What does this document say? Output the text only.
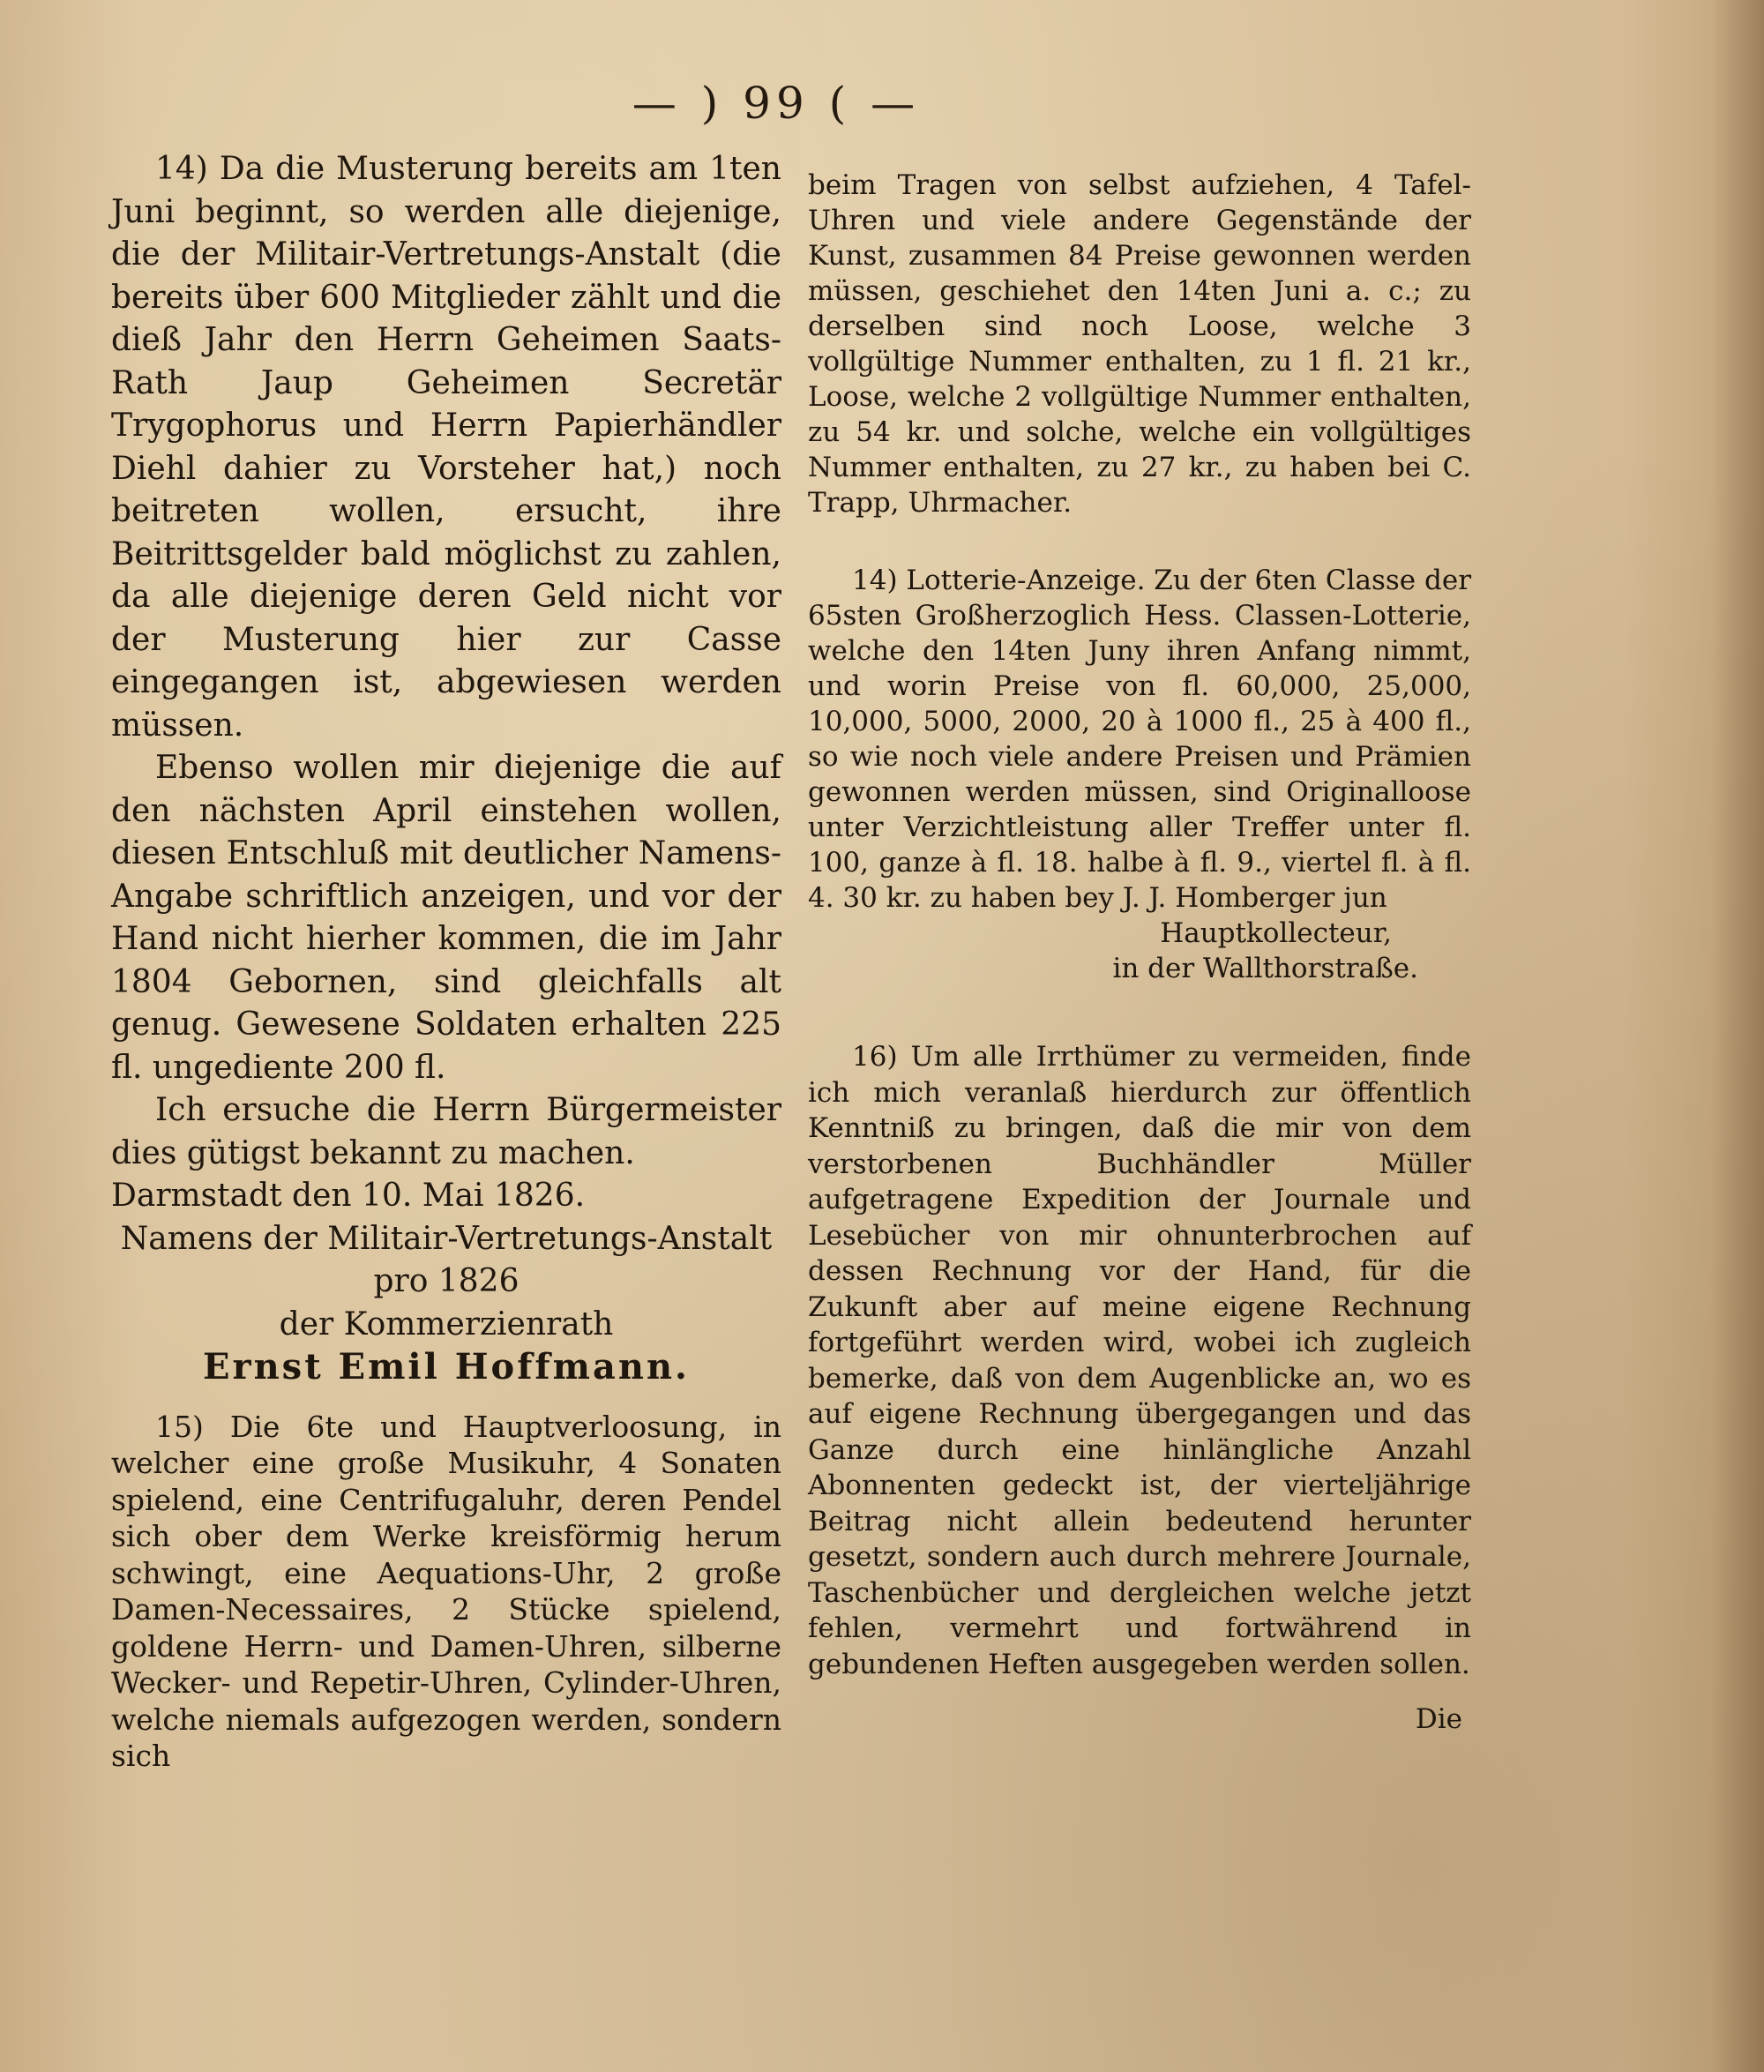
— ) 99 ( —

14) Da die Musterung bereits am 1ten Juni beginnt, so werden alle diejenige, die der Militair-Vertretungs-Anstalt (die bereits über 600 Mitglieder zählt und die dieß Jahr den Herrn Geheimen Saats-Rath Jaup Geheimen Secretär Trygophorus und Herrn Papierhändler Diehl dahier zu Vorsteher hat,) noch beitreten wollen, ersucht, ihre Beitrittsgelder bald möglichst zu zahlen, da alle diejenige deren Geld nicht vor der Musterung hier zur Casse eingegangen ist, abgewiesen werden müssen.

Ebenso wollen mir diejenige die auf den nächsten April einstehen wollen, diesen Entschluß mit deutlicher Namens-Angabe schriftlich anzeigen, und vor der Hand nicht hierher kommen, die im Jahr 1804 Gebornen, sind gleichfalls alt genug. Gewesene Soldaten erhalten 225 fl. ungediente 200 fl.

Ich ersuche die Herrn Bürgermeister dies gütigst bekannt zu machen.

Darmstadt den 10. Mai 1826.

Namens der Militair-Vertretungs-Anstalt pro 1826

der Kommerzienrath

Ernst Emil Hoffmann.

15) Die 6te und Hauptverloosung, in welcher eine große Musikuhr, 4 Sonaten spielend, eine Centrifugaluhr, deren Pendel sich ober dem Werke kreisförmig herum schwingt, eine Aequations-Uhr, 2 große Damen-Necessaires, 2 Stücke spielend, goldene Herrn- und Damen-Uhren, silberne Wecker- und Repetir-Uhren, Cylinder-Uhren, welche niemals aufgezogen werden, sondern sich

beim Tragen von selbst aufziehen, 4 Tafel-Uhren und viele andere Gegenstände der Kunst, zusammen 84 Preise gewonnen werden müssen, geschiehet den 14ten Juni a. c.; zu derselben sind noch Loose, welche 3 vollgültige Nummer enthalten, zu 1 fl. 21 kr., Loose, welche 2 vollgültige Nummer enthalten, zu 54 kr. und solche, welche ein vollgültiges Nummer enthalten, zu 27 kr., zu haben bei C. Trapp, Uhrmacher.

14) Lotterie-Anzeige. Zu der 6ten Classe der 65sten Großherzoglich Hess. Classen-Lotterie, welche den 14ten Juny ihren Anfang nimmt, und worin Preise von fl. 60,000, 25,000, 10,000, 5000, 2000, 20 à 1000 fl., 25 à 400 fl., so wie noch viele andere Preisen und Prämien gewonnen werden müssen, sind Originalloose unter Verzichtleistung aller Treffer unter fl. 100, ganze à fl. 18. halbe à fl. 9., viertel fl. à fl. 4. 30 kr. zu haben bey J. J. Homberger jun

Hauptkollecteur,

in der Wallthorstraße.

16) Um alle Irrthümer zu vermeiden, finde ich mich veranlaß hierdurch zur öffentlich Kenntniß zu bringen, daß die mir von dem verstorbenen Buchhändler Müller aufgetragene Expedition der Journale und Lesebücher von mir ohnunterbrochen auf dessen Rechnung vor der Hand, für die Zukunft aber auf meine eigene Rechnung fortgeführt werden wird, wobei ich zugleich bemerke, daß von dem Augenblicke an, wo es auf eigene Rechnung übergegangen und das Ganze durch eine hinlängliche Anzahl Abonnenten gedeckt ist, der vierteljährige Beitrag nicht allein bedeutend herunter gesetzt, sondern auch durch mehrere Journale, Taschenbücher und dergleichen welche jetzt fehlen, vermehrt und fortwährend in gebundenen Heften ausgegeben werden sollen.

Die
